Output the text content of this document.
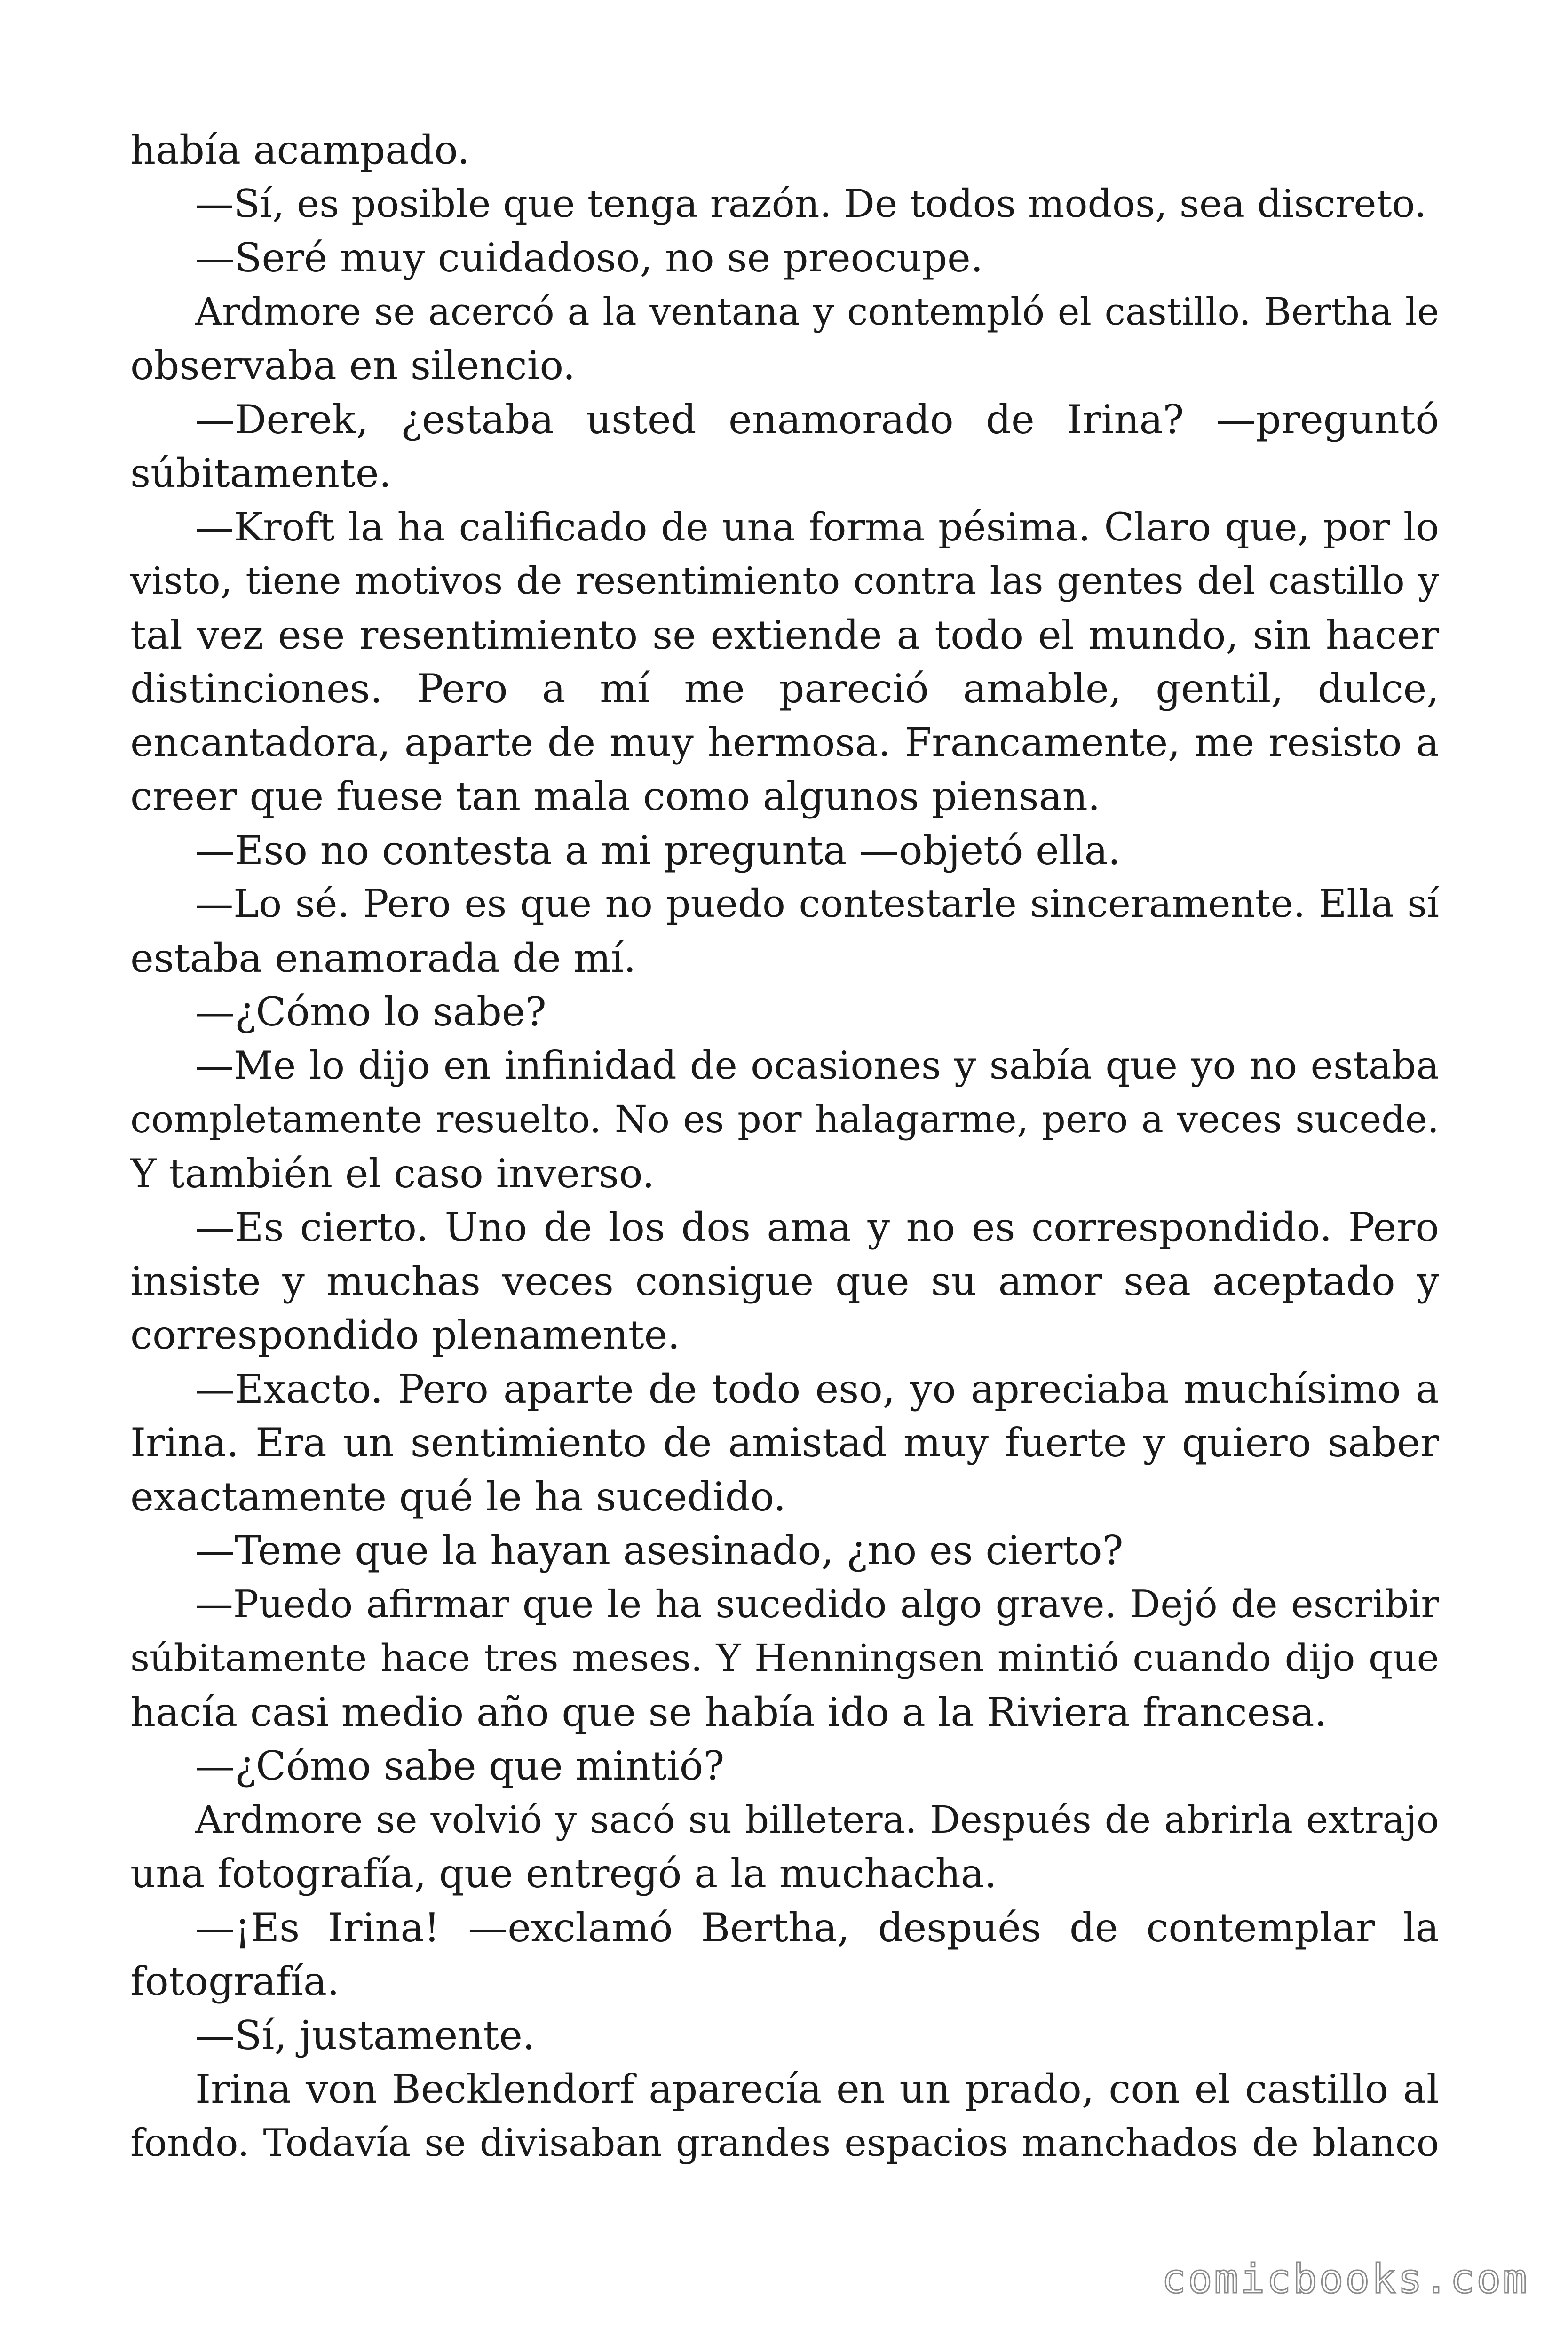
había acampado.
—Sí, es posible que tenga razón. De todos modos, sea discreto.
—Seré muy cuidadoso, no se preocupe.
Ardmore se acercó a la ventana y contempló el castillo. Bertha le
observaba en silencio.
—Derek, ¿estaba usted enamorado de Irina? —preguntó
súbitamente.
—Kroft la ha calificado de una forma pésima. Claro que, por lo
visto, tiene motivos de resentimiento contra las gentes del castillo y
tal vez ese resentimiento se extiende a todo el mundo, sin hacer
distinciones. Pero a mí me pareció amable, gentil, dulce,
encantadora, aparte de muy hermosa. Francamente, me resisto a
creer que fuese tan mala como algunos piensan.
—Eso no contesta a mi pregunta —objetó ella.
—Lo sé. Pero es que no puedo contestarle sinceramente. Ella sí
estaba enamorada de mí.
—¿Cómo lo sabe?
—Me lo dijo en infinidad de ocasiones y sabía que yo no estaba
completamente resuelto. No es por halagarme, pero a veces sucede.
Y también el caso inverso.
—Es cierto. Uno de los dos ama y no es correspondido. Pero
insiste y muchas veces consigue que su amor sea aceptado y
correspondido plenamente.
—Exacto. Pero aparte de todo eso, yo apreciaba muchísimo a
Irina. Era un sentimiento de amistad muy fuerte y quiero saber
exactamente qué le ha sucedido.
—Teme que la hayan asesinado, ¿no es cierto?
—Puedo afirmar que le ha sucedido algo grave. Dejó de escribir
súbitamente hace tres meses. Y Henningsen mintió cuando dijo que
hacía casi medio año que se había ido a la Riviera francesa.
—¿Cómo sabe que mintió?
Ardmore se volvió y sacó su billetera. Después de abrirla extrajo
una fotografía, que entregó a la muchacha.
—¡Es Irina! —exclamó Bertha, después de contemplar la
fotografía.
—Sí, justamente.
Irina von Becklendorf aparecía en un prado, con el castillo al
fondo. Todavía se divisaban grandes espacios manchados de blanco
comicbooks.com
